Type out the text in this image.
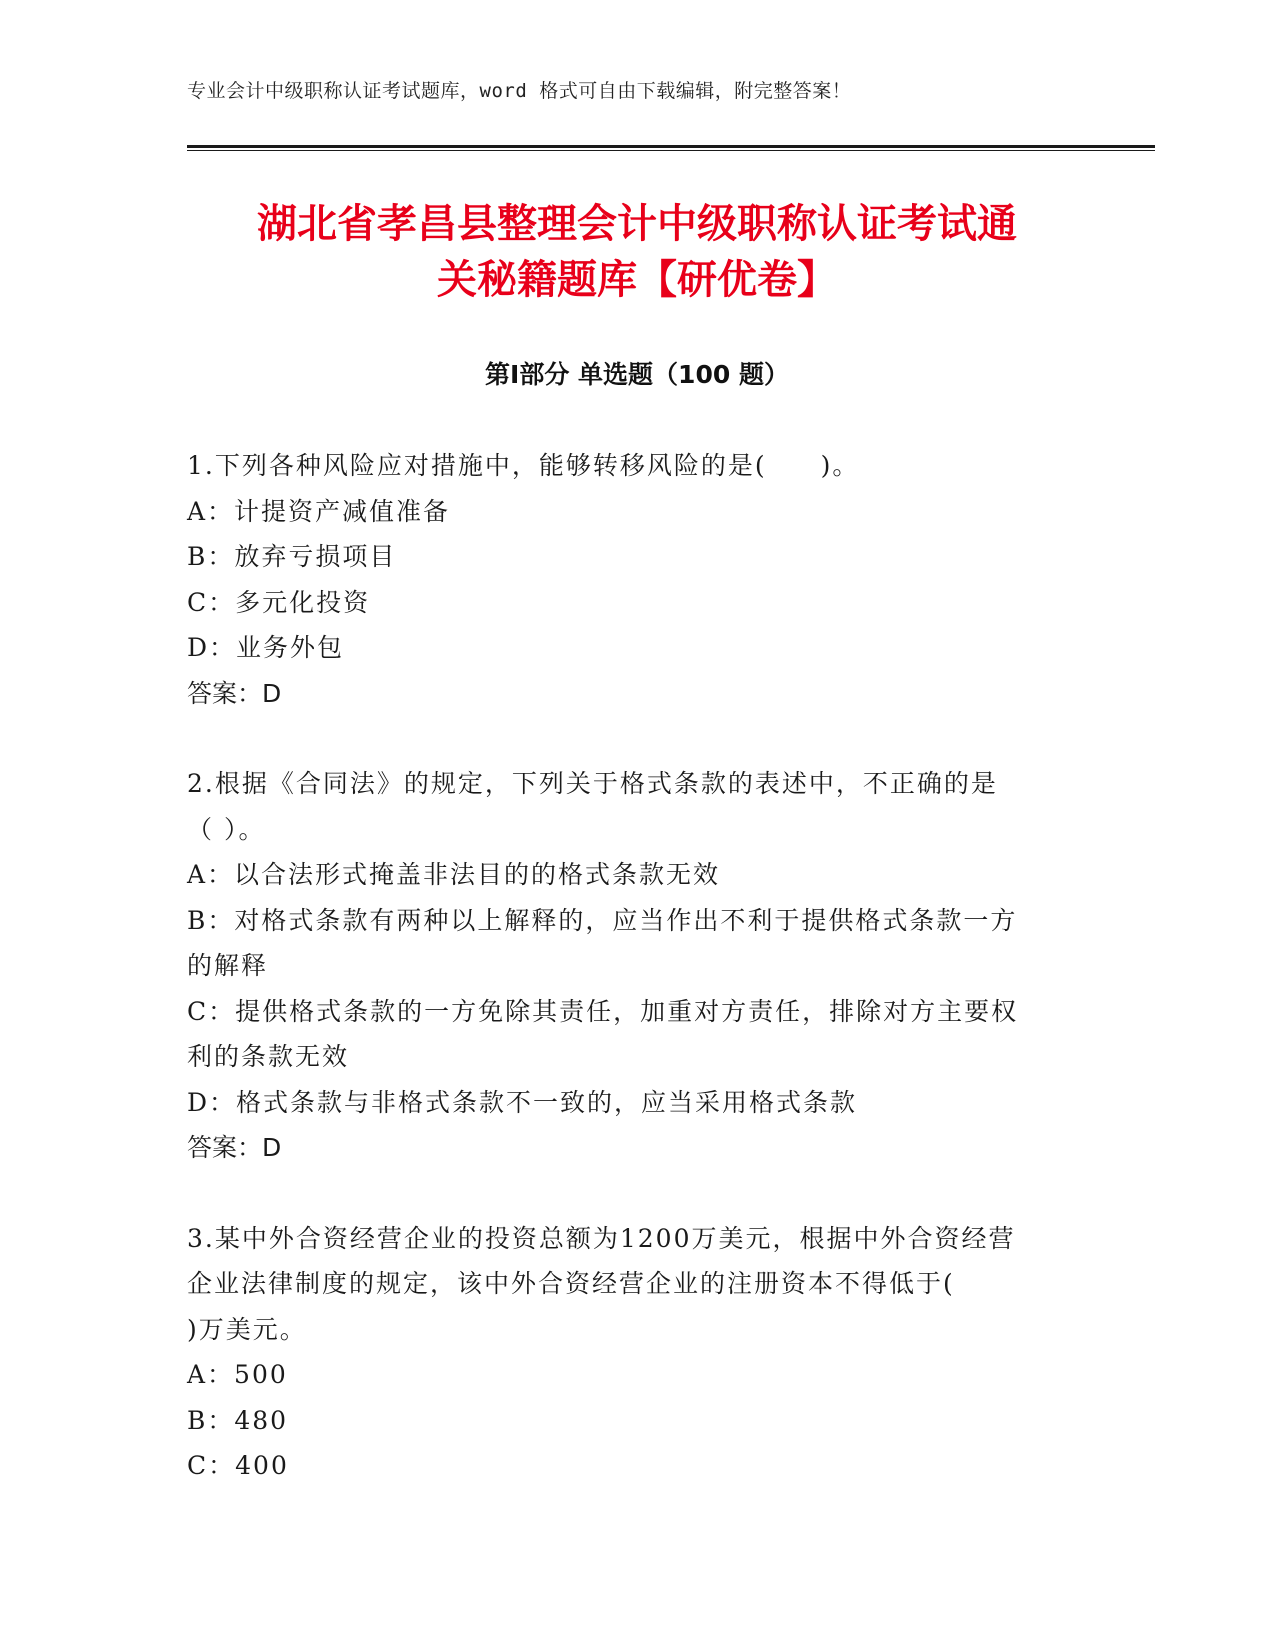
专业会计中级职称认证考试题库，word 格式可自由下载编辑，附完整答案！
湖北省孝昌县整理会计中级职称认证考试通
关秘籍题库【研优卷】
第Ⅰ部分 单选题（100 题）

1.下列各种风险应对措施中，能够转移风险的是(　　)。

A：计提资产减值准备

B：放弃亏损项目

C：多元化投资

D：业务外包

答案：D

2.根据《合同法》的规定，下列关于格式条款的表述中，不正确的是
（ ）。

A：以合法形式掩盖非法目的的格式条款无效

B：对格式条款有两种以上解释的，应当作出不利于提供格式条款一方
的解释

C：提供格式条款的一方免除其责任，加重对方责任，排除对方主要权
利的条款无效

D：格式条款与非格式条款不一致的，应当采用格式条款

答案：D

3.某中外合资经营企业的投资总额为1200万美元，根据中外合资经营
企业法律制度的规定，该中外合资经营企业的注册资本不得低于(
)万美元。

A：500

B：480

C：400
